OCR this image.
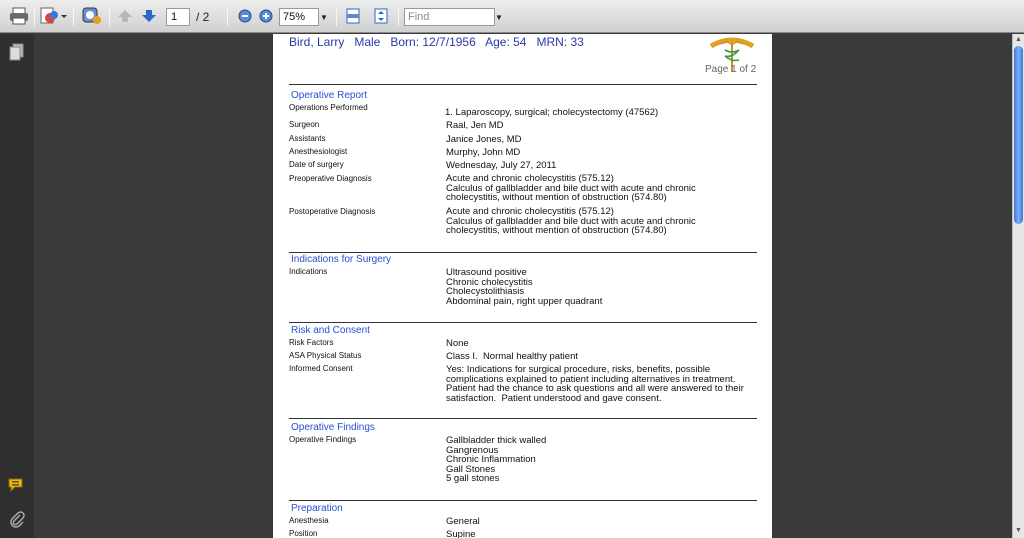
1	/ 2	75%	▼	Find	▼
Bird, Larry   Male   Born: 12/7/1956   Age: 54   MRN: 33
Page 1 of 2
Operative Report
Operations Performed	1. Laparoscopy, surgical; cholecystectomy (47562)
Surgeon	Raal, Jen MD
Assistants	Janice Jones, MD
Anesthesiologist	Murphy, John MD
Date of surgery	Wednesday, July 27, 2011
Preoperative Diagnosis	Acute and chronic cholecystitis (575.12)
Calculus of gallbladder and bile duct with acute and chronic
cholecystitis, without mention of obstruction (574.80)
Postoperative Diagnosis	Acute and chronic cholecystitis (575.12)
Calculus of gallbladder and bile duct with acute and chronic
cholecystitis, without mention of obstruction (574.80)
Indications for Surgery
Indications	Ultrasound positive
Chronic cholecystitis
Cholecystolithiasis
Abdominal pain, right upper quadrant
Risk and Consent
Risk Factors	None
ASA Physical Status	Class I.  Normal healthy patient
Informed Consent	Yes: Indications for surgical procedure, risks, benefits, possible
complications explained to patient including alternatives in treatment.
Patient had the chance to ask questions and all were answered to their
satisfaction.  Patient understood and gave consent.
Operative Findings
Operative Findings	Gallbladder thick walled
Gangrenous
Chronic Inflammation
Gall Stones
5 gall stones
Preparation
Anesthesia	General
Position	Supine
▲
▼
